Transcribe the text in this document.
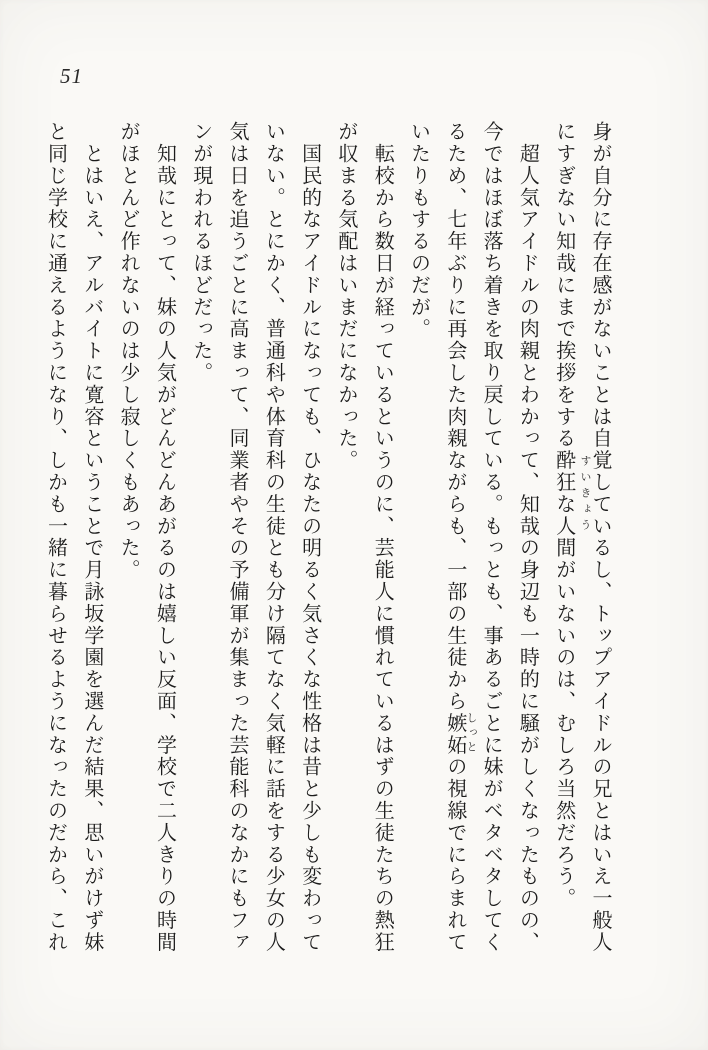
51
身が自分に存在感がないことは自覚しているし、トップアイドルの兄とはいえ一般人
にすぎない知哉にまで挨拶をする酔狂な人間がいないのは、むしろ当然だろう。
　超人気アイドルの肉親とわかって、知哉の身辺も一時的に騒がしくなったものの、
今ではほぼ落ち着きを取り戻している。もっとも、事あるごとに妹がベタベタしてく
るため、七年ぶりに再会した肉親ながらも、一部の生徒から嫉妬の視線でにらまれて
いたりもするのだが。
　転校から数日が経っているというのに、芸能人に慣れているはずの生徒たちの熱狂
が収まる気配はいまだになかった。
　国民的なアイドルになっても、ひなたの明るく気さくな性格は昔と少しも変わって
いない。とにかく、普通科や体育科の生徒とも分け隔てなく気軽に話をする少女の人
気は日を追うごとに高まって、同業者やその予備軍が集まった芸能科のなかにもファ
ンが現われるほどだった。
　知哉にとって、妹の人気がどんどんあがるのは嬉しい反面、学校で二人きりの時間
がほとんど作れないのは少し寂しくもあった。
　とはいえ、アルバイトに寛容ということで月詠坂学園を選んだ結果、思いがけず妹
と同じ学校に通えるようになり、しかも一緒に暮らせるようになったのだから、これ	すいきょう
しっと
